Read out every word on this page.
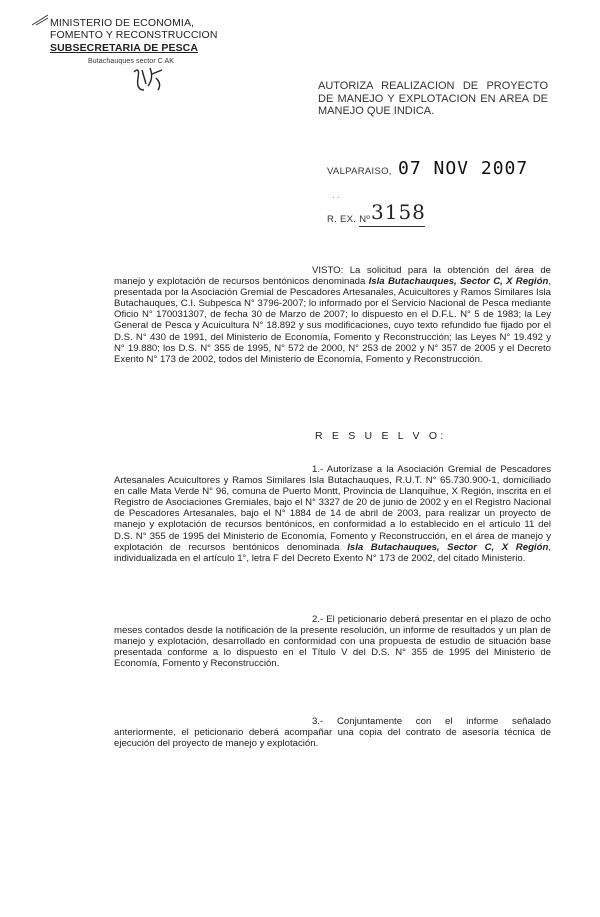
MINISTERIO DE ECONOMIA,
FOMENTO Y RECONSTRUCCION
SUBSECRETARIA DE PESCA
Butachauques sector C AK
AUTORIZA REALIZACION DE PROYECTO DE MANEJO Y EXPLOTACION EN AREA DE MANEJO QUE INDICA.
VALPARAISO, 07 NOV 2007
· ·
R. EX. Nº 3158
VISTO: La solicitud para la obtención del área de manejo y explotación de recursos bentónicos denominada Isla Butachauques, Sector C, X Región, presentada por la Asociación Gremial de Pescadores Artesanales, Acuicultores y Ramos Similares Isla Butachauques, C.I. Subpesca N° 3796-2007; lo informado por el Servicio Nacional de Pesca mediante Oficio N° 170031307, de fecha 30 de Marzo de 2007; lo dispuesto en el D.F.L. N° 5 de 1983; la Ley General de Pesca y Acuicultura N° 18.892 y sus modificaciones, cuyo texto refundido fue fijado por el D.S. N° 430 de 1991, del Ministerio de Economía, Fomento y Reconstrucción; las Leyes N° 19.492 y N° 19.880; los D.S. N° 355 de 1995, N° 572 de 2000, N° 253 de 2002 y N° 357 de 2005 y el Decreto Exento N° 173 de 2002, todos del Ministerio de Economía, Fomento y Reconstrucción.
R E S U E L V O:
1.- Autorízase a la Asociación Gremial de Pescadores Artesanales Acuicultores y Ramos Similares Isla Butachauques, R.U.T. N° 65.730.900-1, domiciliado en calle Mata Verde N° 96, comuna de Puerto Montt, Provincia de Llanquihue, X Región, inscrita en el Registro de Asociaciones Gremiales, bajo el N° 3327 de 20 de junio de 2002 y en el Registro Nacional de Pescadores Artesanales, bajo el N° 1884 de 14 de abril de 2003, para realizar un proyecto de manejo y explotación de recursos bentónicos, en conformidad a lo establecido en el artículo 11 del D.S. N° 355 de 1995 del Ministerio de Economía, Fomento y Reconstrucción, en el área de manejo y explotación de recursos bentónicos denominada Isla Butachauques, Sector C, X Región, individualizada en el artículo 1°, letra F del Decreto Exento N° 173 de 2002, del citado Ministerio.
2.- El peticionario deberá presentar en el plazo de ocho meses contados desde la notificación de la presente resolución, un informe de resultados y un plan de manejo y explotación, desarrollado en conformidad con una propuesta de estudio de situación base presentada conforme a lo dispuesto en el Título V del D.S. N° 355 de 1995 del Ministerio de Economía, Fomento y Reconstrucción.
3.- Conjuntamente con el informe señalado anteriormente, el peticionario deberá acompañar una copia del contrato de asesoría técnica de ejecución del proyecto de manejo y explotación.
